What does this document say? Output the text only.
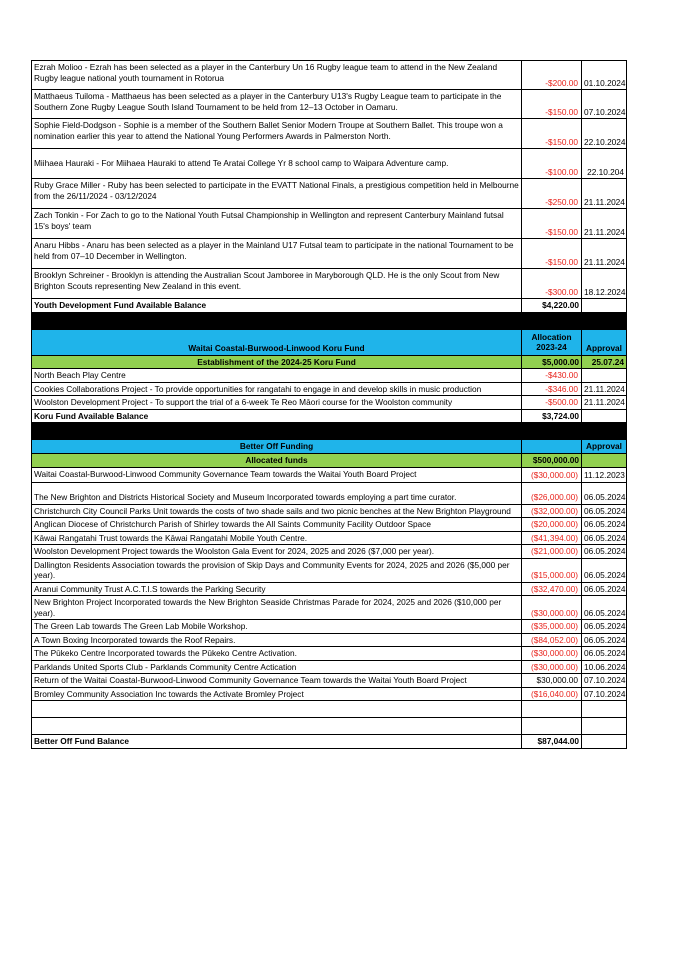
Ezrah Molioo - Ezrah has been selected as a player in the Canterbury Un 16 Rugby league team to attend in the New Zealand Rugby league national youth tournament in Rotorua	-$200.00	01.10.2024
Matthaeus Tuiloma - Matthaeus has been selected as a player in the Canterbury U13's Rugby League team to participate in the Southern Zone Rugby League South Island Tournament to be held from 12–13 October in Oamaru.	-$150.00	07.10.2024
Sophie Field-Dodgson - Sophie is a member of the Southern Ballet Senior Modern Troupe at Southern Ballet. This troupe won a nomination earlier this year to attend the National Young Performers Awards in Palmerston North.	-$150.00	22.10.2024
Miihaea Hauraki - For Miihaea Hauraki to attend Te Aratai College Yr 8 school camp to Waipara Adventure camp.	-$100.00	22.10.204
Ruby Grace Miller - Ruby has been selected to participate in the EVATT National Finals, a prestigious competition held in Melbourne from the 26/11/2024 - 03/12/2024	-$250.00	21.11.2024
Zach Tonkin - For Zach to go to the National Youth Futsal Championship in Wellington and represent Canterbury Mainland futsal 15's boys' team	-$150.00	21.11.2024
Anaru Hibbs - Anaru has been selected as a player in the Mainland U17 Futsal team to participate in the national Tournament to be held from 07–10 December in Wellington.	-$150.00	21.11.2024
Brooklyn Schreiner - Brooklyn is attending the Australian Scout Jamboree in Maryborough QLD. He is the only Scout from New Brighton Scouts representing New Zealand in this event.	-$300.00	18.12.2024
Youth Development Fund Available Balance	$4,220.00	

Waitai Coastal-Burwood-Linwood Koru Fund	Allocation 2023-24	Approval
Establishment of the 2024-25 Koru Fund	$5,000.00	25.07.24
North Beach Play Centre	-$430.00	
Cookies Collaborations Project - To provide opportunities for rangatahi to engage in and develop skills in music production	-$346.00	21.11.2024
Woolston Development Project - To support the trial of a 6-week Te Reo Māori course for the Woolston community	-$500.00	21.11.2024
Koru Fund Available Balance	$3,724.00	

Better Off Funding		Approval
Allocated funds	$500,000.00	
Waitai Coastal-Burwood-Linwood Community Governance Team towards the Waitai Youth Board Project	($30,000.00)	11.12.2023
The New Brighton and Districts Historical Society and Museum Incorporated towards employing a part time curator.	($26,000.00)	06.05.2024
Christchurch City Council Parks Unit towards the costs of two shade sails and two picnic benches at the New Brighton Playground	($32,000.00)	06.05.2024
Anglican Diocese of Christchurch Parish of Shirley towards the All Saints Community Facility Outdoor Space	($20,000.00)	06.05.2024
Kāwai Rangatahi Trust towards the Kāwai Rangatahi Mobile Youth Centre.	($41,394.00)	06.05.2024
Woolston Development Project towards the Woolston Gala Event for 2024, 2025 and 2026 ($7,000 per year).	($21,000.00)	06.05.2024
Dallington Residents Association towards the provision of Skip Days and Community Events for 2024, 2025 and 2026 ($5,000 per year).	($15,000.00)	06.05.2024
Aranui Community Trust A.C.T.I.S towards the Parking Security	($32,470.00)	06.05.2024
New Brighton Project Incorporated towards the New Brighton Seaside Christmas Parade for 2024, 2025 and 2026 ($10,000 per year).	($30,000.00)	06.05.2024
The Green Lab towards The Green Lab Mobile Workshop.	($35,000.00)	06.05.2024
A Town Boxing Incorporated towards the Roof Repairs.	($84,052.00)	06.05.2024
The Pūkeko Centre Incorporated towards the Pūkeko Centre Activation.	($30,000.00)	06.05.2024
Parklands United Sports Club - Parklands Community Centre Actication	($30,000.00)	10.06.2024
Return of the Waitai Coastal-Burwood-Linwood Community Governance Team towards the Waitai Youth Board Project	$30,000.00	07.10.2024
Bromley Community Association Inc towards the Activate Bromley Project	($16,040.00)	07.10.2024

Better Off Fund Balance	$87,044.00	
